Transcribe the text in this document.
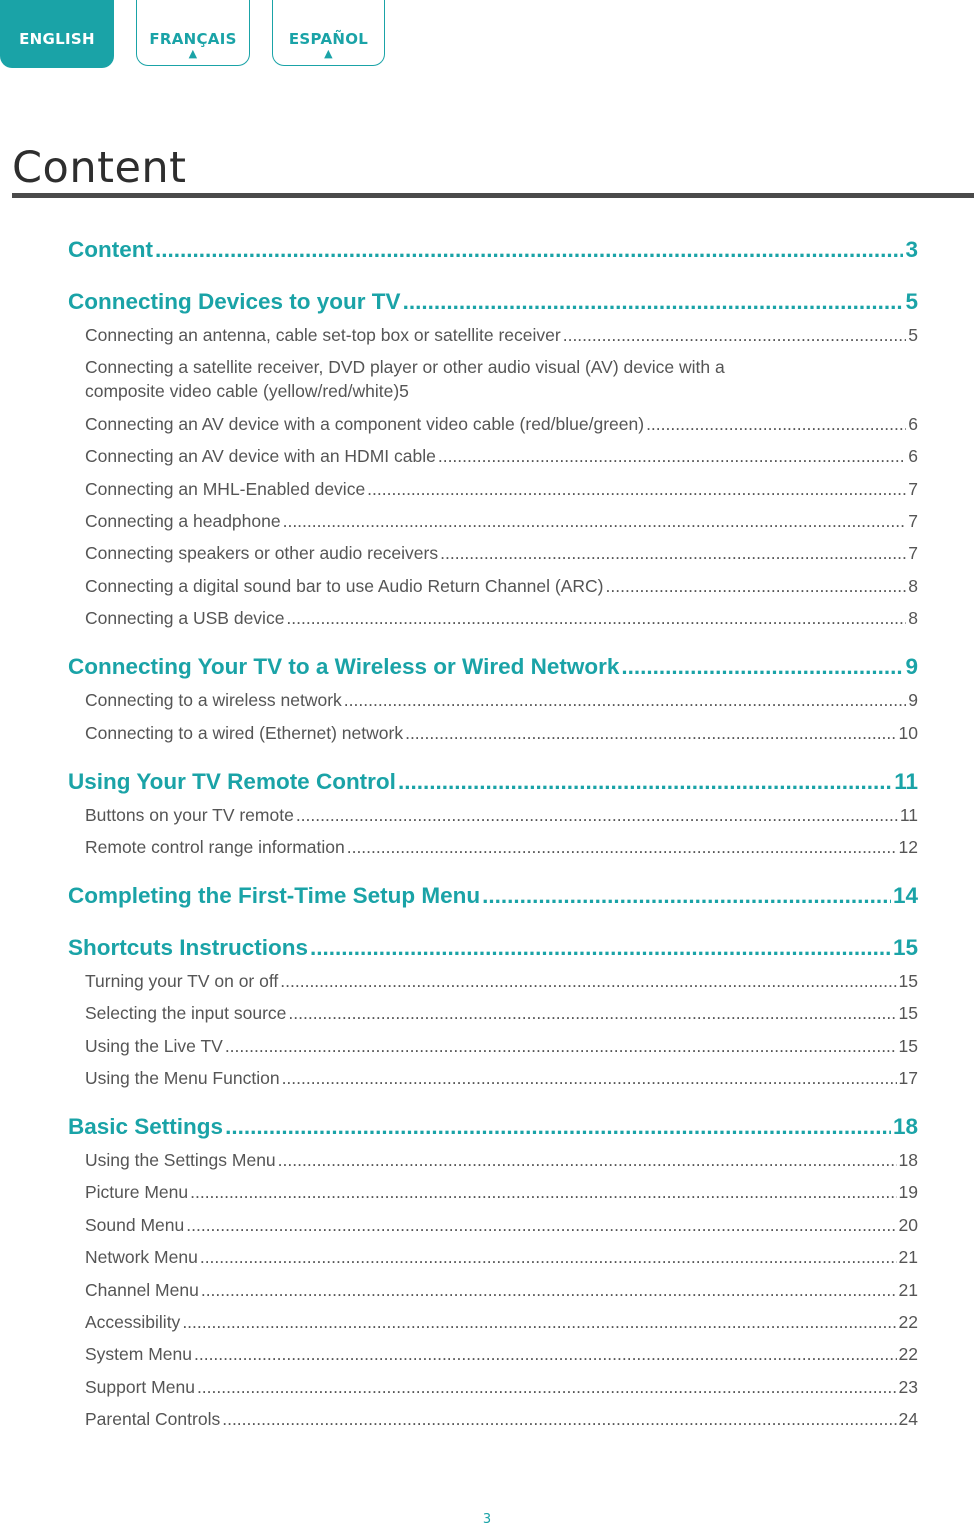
ENGLISH	FRANÇAIS
▲
ESPAÑOL
▲
Content
Content .....	3
Connecting Devices to your TV .....	5
Connecting an antenna, cable set-top box or satellite receiver .....	5
Connecting a satellite receiver, DVD player or other audio visual (AV) device with a
composite video cable (yellow/red/white) 5
Connecting an AV device with a component video cable (red/blue/green) .....	6
Connecting an AV device with an HDMI cable .....	6
Connecting an MHL-Enabled device .....	7
Connecting a headphone .....	7
Connecting speakers or other audio receivers .....	7
Connecting a digital sound bar to use Audio Return Channel (ARC) .....	8
Connecting a USB device .....	8
Connecting Your TV to a Wireless or Wired Network .....	9
Connecting to a wireless network .....	9
Connecting to a wired (Ethernet) network .....	10
Using Your TV Remote Control .....	11
Buttons on your TV remote .....	11
Remote control range information .....	12
Completing the First-Time Setup Menu .....	14
Shortcuts Instructions .....	15
Turning your TV on or off .....	15
Selecting the input source .....	15
Using the Live TV .....	15
Using the Menu Function .....	17
Basic Settings .....	18
Using the Settings Menu .....	18
Picture Menu .....	19
Sound Menu .....	20
Network Menu .....	21
Channel Menu .....	21
Accessibility .....	22
System Menu .....	22
Support Menu .....	23
Parental Controls .....	24
3
